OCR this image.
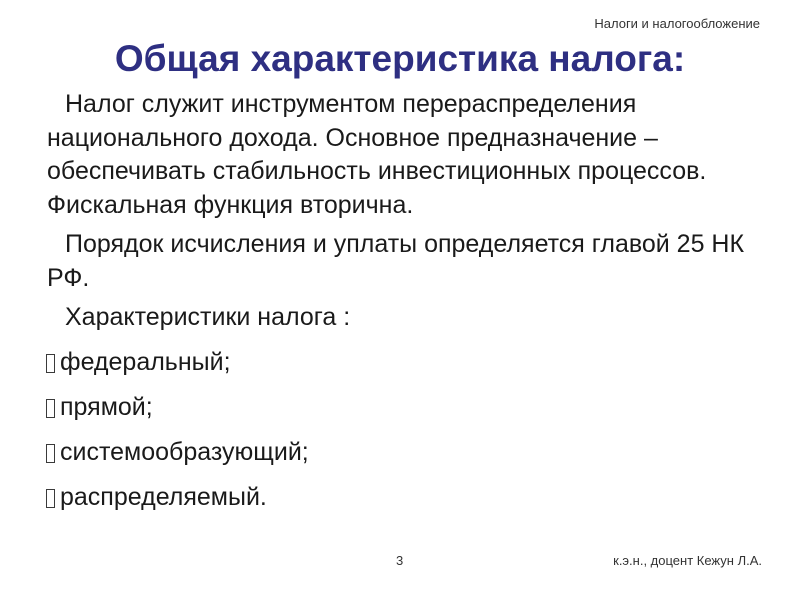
Налоги и налогообложение
Общая характеристика налога:

Налог служит инструментом перераспределения национального дохода. Основное предназначение – обеспечивать стабильность инвестиционных процессов. Фискальная функция вторична.

Порядок исчисления и уплаты определяется главой 25 НК РФ.

Характеристики налога :

федеральный;
прямой;
системообразующий;
распределяемый.
3	к.э.н., доцент Кежун Л.А.
